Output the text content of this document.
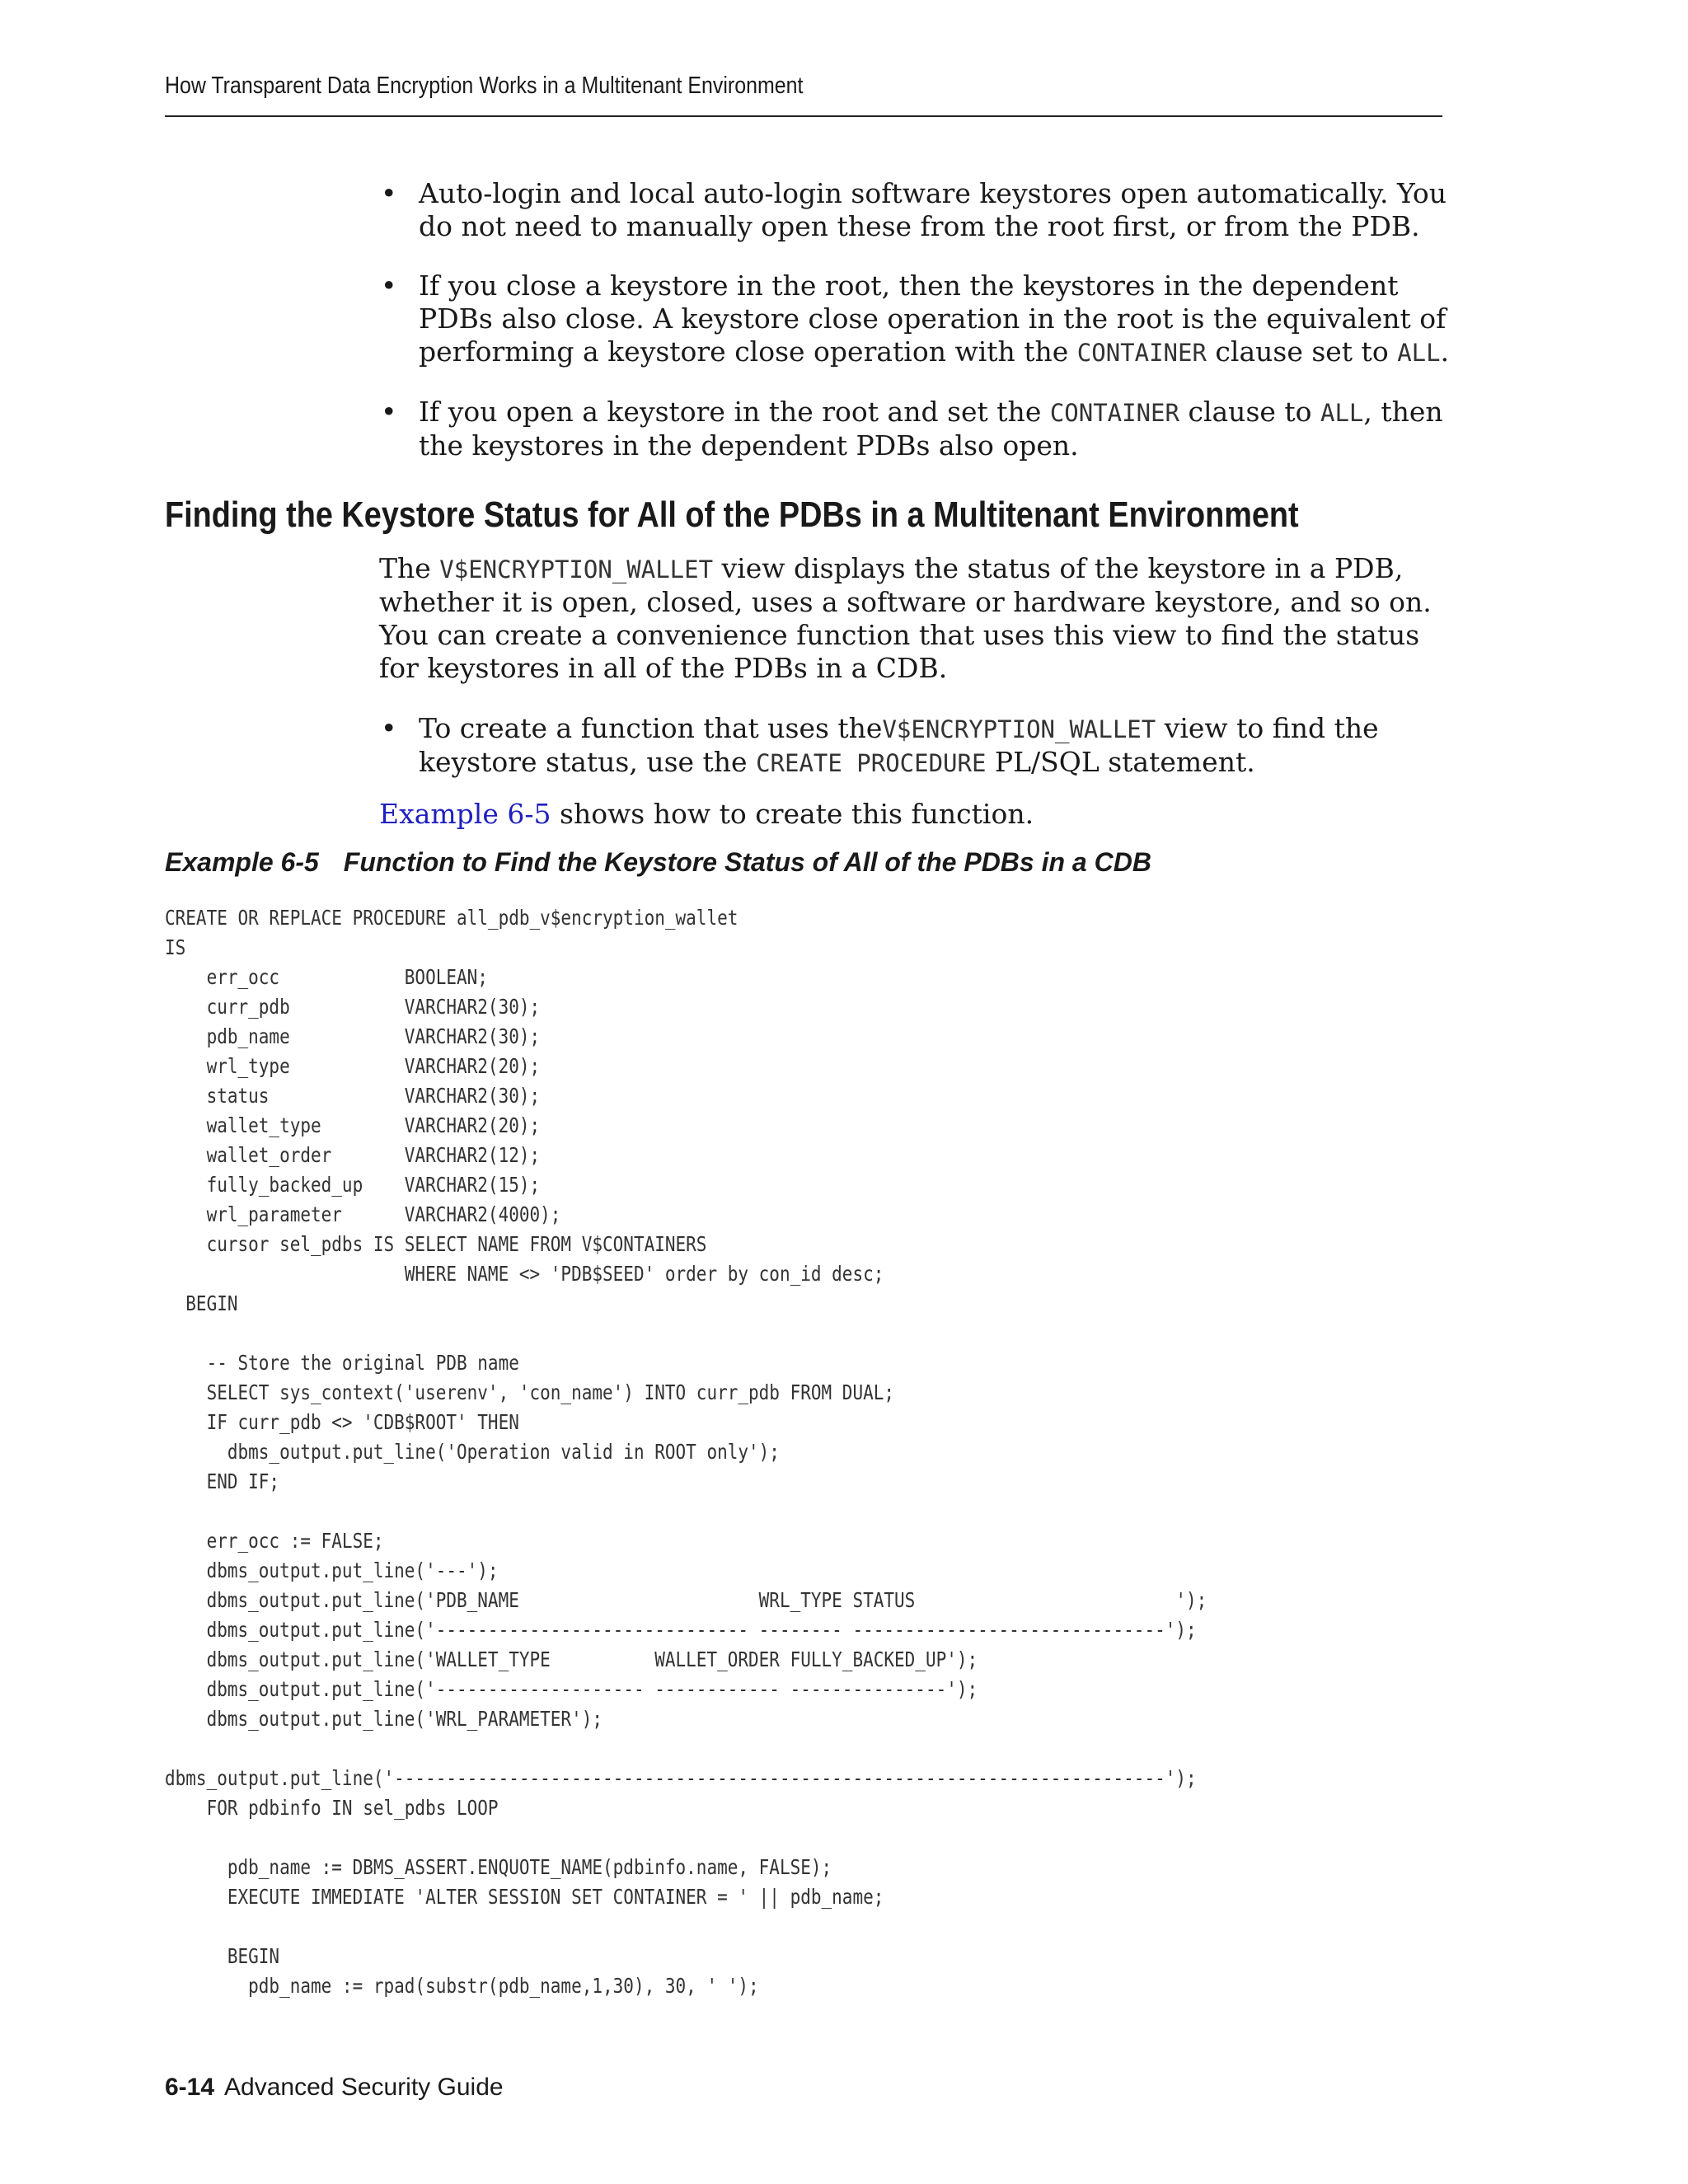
How Transparent Data Encryption Works in a Multitenant Environment
• Auto-login and local auto-login software keystores open automatically. You do not need to manually open these from the root first, or from the PDB.
• If you close a keystore in the root, then the keystores in the dependent PDBs also close. A keystore close operation in the root is the equivalent of performing a keystore close operation with the CONTAINER clause set to ALL.
• If you open a keystore in the root and set the CONTAINER clause to ALL, then the keystores in the dependent PDBs also open.
Finding the Keystore Status for All of the PDBs in a Multitenant Environment

The V$ENCRYPTION_WALLET view displays the status of the keystore in a PDB, whether it is open, closed, uses a software or hardware keystore, and so on. You can create a convenience function that uses this view to find the status for keystores in all of the PDBs in a CDB.

• To create a function that uses theV$ENCRYPTION_WALLET view to find the keystore status, use the CREATE PROCEDURE PL/SQL statement.

Example 6-5 shows how to create this function.

Example 6-5 Function to Find the Keystore Status of All of the PDBs in a CDB
CREATE OR REPLACE PROCEDURE all_pdb_v$encryption_wallet
IS
err_occ            BOOLEAN;
curr_pdb           VARCHAR2(30);
pdb_name           VARCHAR2(30);
wrl_type           VARCHAR2(20);
status             VARCHAR2(30);
wallet_type        VARCHAR2(20);
wallet_order       VARCHAR2(12);
fully_backed_up    VARCHAR2(15);
wrl_parameter      VARCHAR2(4000);
cursor sel_pdbs IS SELECT NAME FROM V$CONTAINERS
WHERE NAME <> 'PDB$SEED' order by con_id desc;
BEGIN

-- Store the original PDB name
SELECT sys_context('userenv', 'con_name') INTO curr_pdb FROM DUAL;
IF curr_pdb <> 'CDB$ROOT' THEN
dbms_output.put_line('Operation valid in ROOT only');
END IF;

err_occ := FALSE;
dbms_output.put_line('---');
dbms_output.put_line('PDB_NAME                       WRL_TYPE STATUS                         ');
dbms_output.put_line('------------------------------ -------- ------------------------------');
dbms_output.put_line('WALLET_TYPE          WALLET_ORDER FULLY_BACKED_UP');
dbms_output.put_line('-------------------- ------------ ---------------');
dbms_output.put_line('WRL_PARAMETER');

dbms_output.put_line('--------------------------------------------------------------------------');
FOR pdbinfo IN sel_pdbs LOOP

pdb_name := DBMS_ASSERT.ENQUOTE_NAME(pdbinfo.name, FALSE);
EXECUTE IMMEDIATE 'ALTER SESSION SET CONTAINER = ' || pdb_name;

BEGIN
pdb_name := rpad(substr(pdb_name,1,30), 30, ' ');

6-14 Advanced Security Guide
